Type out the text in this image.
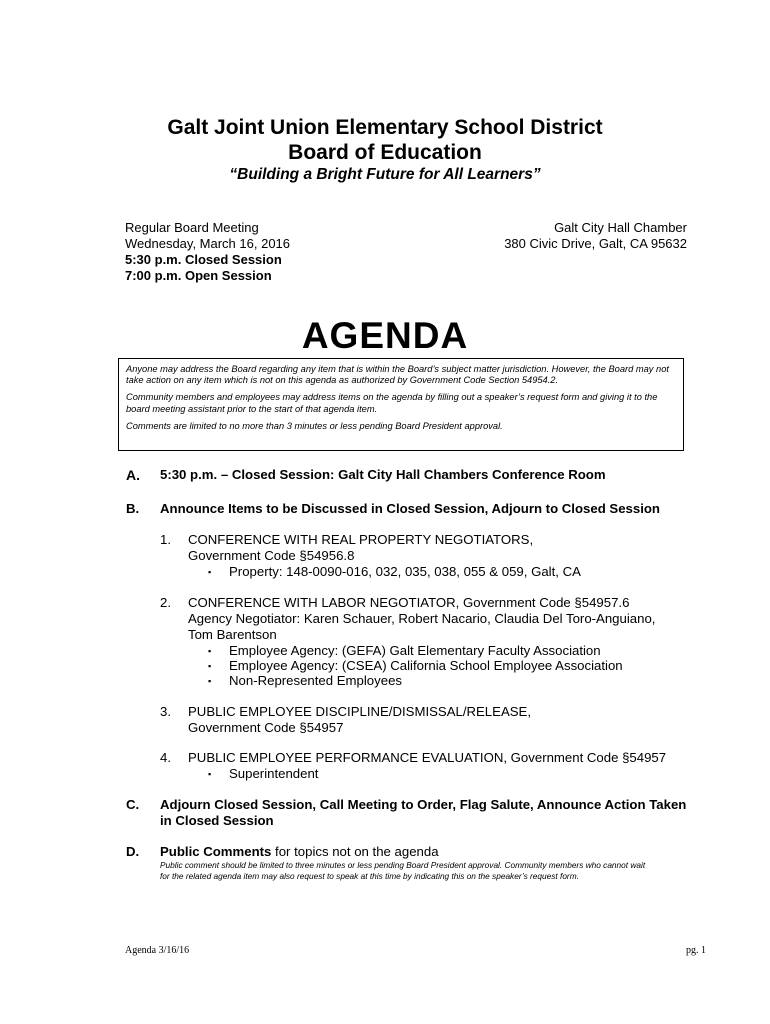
Galt Joint Union Elementary School District
Board of Education
“Building a Bright Future for All Learners”
Regular Board Meeting
Wednesday, March 16, 2016
5:30 p.m. Closed Session
7:00 p.m. Open Session
Galt City Hall Chamber
380 Civic Drive, Galt, CA 95632
AGENDA

Anyone may address the Board regarding any item that is within the Board’s subject matter jurisdiction. However, the Board may not take action on any item which is not on this agenda as authorized by Government Code Section 54954.2.

Community members and employees may address items on the agenda by filling out a speaker’s request form and giving it to the board meeting assistant prior to the start of that agenda item.

Comments are limited to no more than 3 minutes or less pending Board President approval.

A. 5:30 p.m. – Closed Session: Galt City Hall Chambers Conference Room
B. Announce Items to be Discussed in Closed Session, Adjourn to Closed Session
1. CONFERENCE WITH REAL PROPERTY NEGOTIATORS,
Government Code §54956.8
▪ Property: 148-0090-016, 032, 035, 038, 055 & 059, Galt, CA
2. CONFERENCE WITH LABOR NEGOTIATOR, Government Code §54957.6
Agency Negotiator: Karen Schauer, Robert Nacario, Claudia Del Toro-Anguiano,
Tom Barentson
▪ Employee Agency: (GEFA) Galt Elementary Faculty Association
▪ Employee Agency: (CSEA) California School Employee Association
▪ Non-Represented Employees
3. PUBLIC EMPLOYEE DISCIPLINE/DISMISSAL/RELEASE,
Government Code §54957
4. PUBLIC EMPLOYEE PERFORMANCE EVALUATION, Government Code §54957
▪ Superintendent
C. Adjourn Closed Session, Call Meeting to Order, Flag Salute, Announce Action Taken
in Closed Session
D. Public Comments for topics not on the agenda
Public comment should be limited to three minutes or less pending Board President approval. Community members who cannot wait
for the related agenda item may also request to speak at this time by indicating this on the speaker’s request form.
Agenda 3/16/16	pg. 1
